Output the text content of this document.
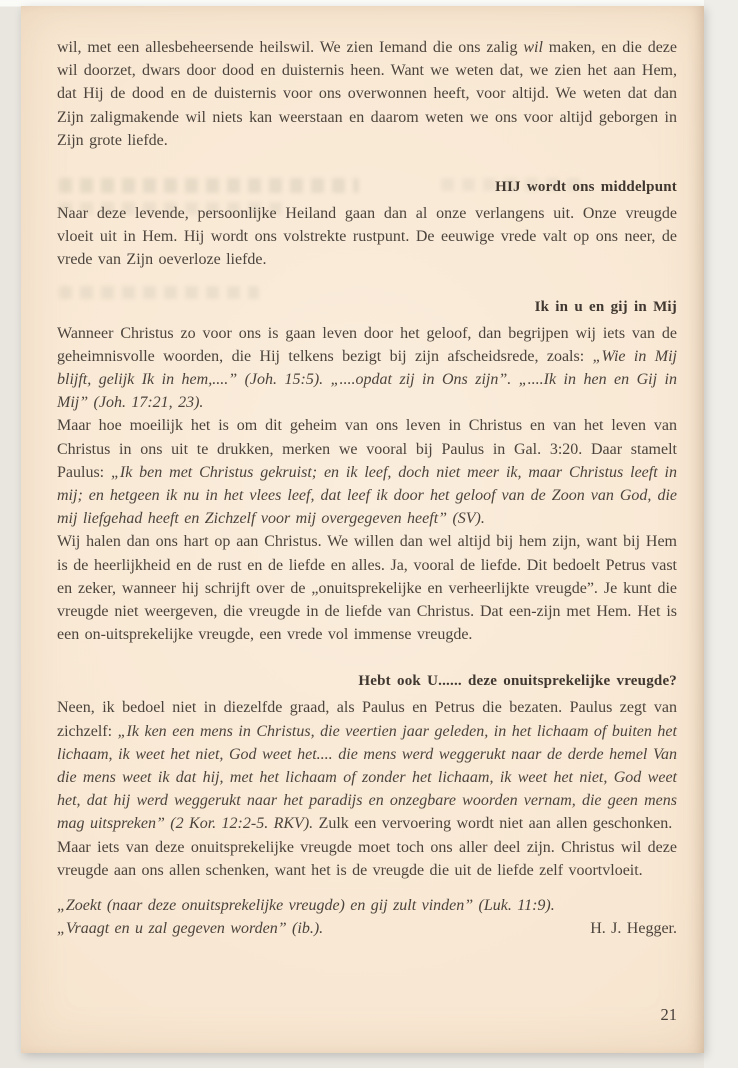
wil, met een allesbeheersende heilswil. We zien Iemand die ons zalig wil maken, en die deze wil doorzet, dwars door dood en duisternis heen. Want we weten dat, we zien het aan Hem, dat Hij de dood en de duisternis voor ons overwonnen heeft, voor altijd. We weten dat dan Zijn zaligmakende wil niets kan weerstaan en daarom weten we ons voor altijd geborgen in Zijn grote liefde.

HIJ wordt ons middelpunt

Naar deze levende, persoonlijke Heiland gaan dan al onze verlangens uit. Onze vreugde vloeit uit in Hem. Hij wordt ons volstrekte rustpunt. De eeuwige vrede valt op ons neer, de vrede van Zijn oeverloze liefde.

Ik in u en gij in Mij

Wanneer Christus zo voor ons is gaan leven door het geloof, dan begrijpen wij iets van de geheimnisvolle woorden, die Hij telkens bezigt bij zijn afscheidsrede, zoals: „Wie in Mij blijft, gelijk Ik in hem,....” (Joh. 15:5). „....opdat zij in Ons zijn”. „....Ik in hen en Gij in Mij” (Joh. 17:21, 23).

Maar hoe moeilijk het is om dit geheim van ons leven in Christus en van het leven van Christus in ons uit te drukken, merken we vooral bij Paulus in Gal. 3:20. Daar stamelt Paulus: „Ik ben met Christus gekruist; en ik leef, doch niet meer ik, maar Christus leeft in mij; en hetgeen ik nu in het vlees leef, dat leef ik door het geloof van de Zoon van God, die mij liefgehad heeft en Zichzelf voor mij overgegeven heeft” (SV).

Wij halen dan ons hart op aan Christus. We willen dan wel altijd bij hem zijn, want bij Hem is de heerlijkheid en de rust en de liefde en alles. Ja, vooral de liefde. Dit bedoelt Petrus vast en zeker, wanneer hij schrijft over de „onuitsprekelijke en verheerlijkte vreugde”. Je kunt die vreugde niet weergeven, die vreugde in de liefde van Christus. Dat een-zijn met Hem. Het is een on-uitsprekelijke vreugde, een vrede vol immense vreugde.

Hebt ook U...... deze onuitsprekelijke vreugde?

Neen, ik bedoel niet in diezelfde graad, als Paulus en Petrus die bezaten. Paulus zegt van zichzelf: „Ik ken een mens in Christus, die veertien jaar geleden, in het lichaam of buiten het lichaam, ik weet het niet, God weet het.... die mens werd weggerukt naar de derde hemel Van die mens weet ik dat hij, met het lichaam of zonder het lichaam, ik weet het niet, God weet het, dat hij werd weggerukt naar het paradijs en onzegbare woorden vernam, die geen mens mag uitspreken” (2 Kor. 12:2-5. RKV). Zulk een vervoering wordt niet aan allen geschonken.

Maar iets van deze onuitsprekelijke vreugde moet toch ons aller deel zijn. Christus wil deze vreugde aan ons allen schenken, want het is de vreugde die uit de liefde zelf voortvloeit.

„Zoekt (naar deze onuitsprekelijke vreugde) en gij zult vinden” (Luk. 11:9).

„Vraagt en u zal gegeven worden” (ib.).	H. J. Hegger.
21
